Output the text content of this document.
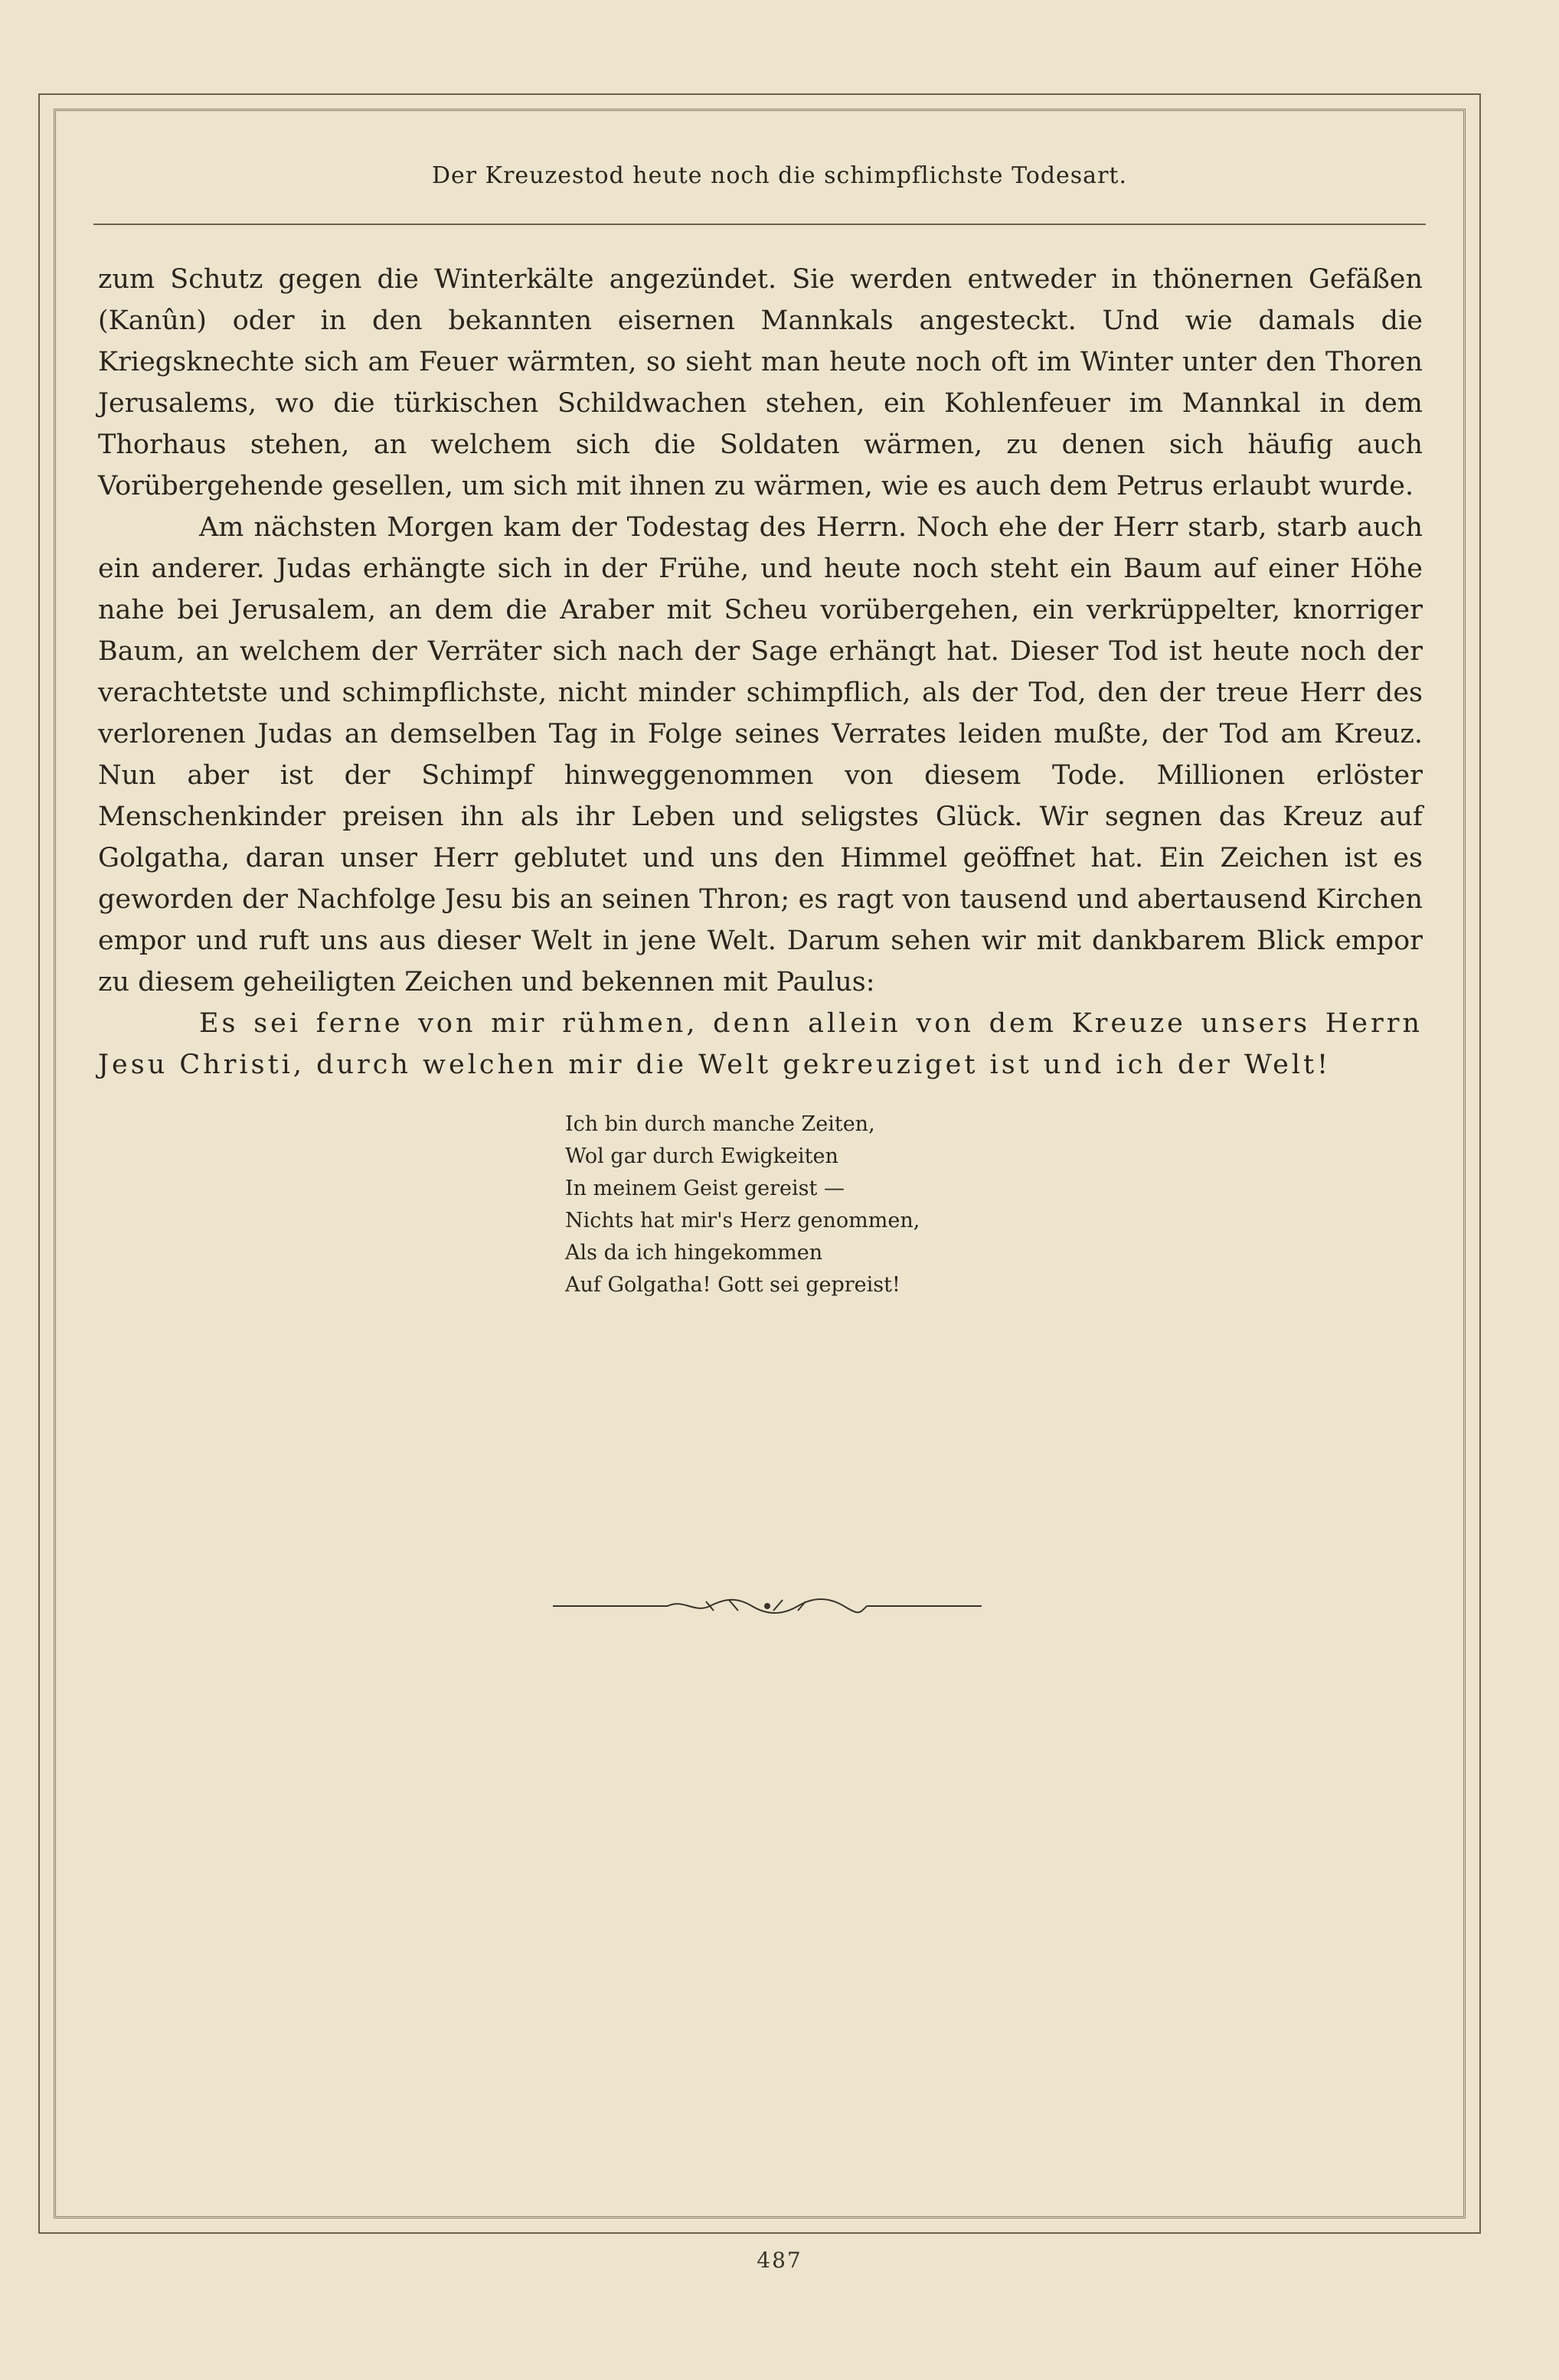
Der Kreuzestod heute noch die schimpflichste Todesart.

zum Schutz gegen die Winterkälte angezündet. Sie werden entweder in thönernen Gefäßen (Kanûn) oder in den bekannten eisernen Mannkals angesteckt. Und wie damals die Kriegsknechte sich am Feuer wärmten, so sieht man heute noch oft im Winter unter den Thoren Jerusalems, wo die türkischen Schildwachen stehen, ein Kohlenfeuer im Mannkal in dem Thorhaus stehen, an welchem sich die Soldaten wärmen, zu denen sich häufig auch Vorübergehende gesellen, um sich mit ihnen zu wärmen, wie es auch dem Petrus erlaubt wurde.

Am nächsten Morgen kam der Todestag des Herrn. Noch ehe der Herr starb, starb auch ein anderer. Judas erhängte sich in der Frühe, und heute noch steht ein Baum auf einer Höhe nahe bei Jerusalem, an dem die Araber mit Scheu vorübergehen, ein verkrüppelter, knorriger Baum, an welchem der Verräter sich nach der Sage erhängt hat. Dieser Tod ist heute noch der verachtetste und schimpflichste, nicht minder schimpflich, als der Tod, den der treue Herr des verlorenen Judas an demselben Tag in Folge seines Verrates leiden mußte, der Tod am Kreuz. Nun aber ist der Schimpf hinweggenommen von diesem Tode. Millionen erlöster Menschenkinder preisen ihn als ihr Leben und seligstes Glück. Wir segnen das Kreuz auf Golgatha, daran unser Herr geblutet und uns den Himmel geöffnet hat. Ein Zeichen ist es geworden der Nachfolge Jesu bis an seinen Thron; es ragt von tausend und abertausend Kirchen empor und ruft uns aus dieser Welt in jene Welt. Darum sehen wir mit dankbarem Blick empor zu diesem geheiligten Zeichen und bekennen mit Paulus:

Es sei ferne von mir rühmen, denn allein von dem Kreuze unsers Herrn Jesu Christi, durch welchen mir die Welt gekreuziget ist und ich der Welt!

Ich bin durch manche Zeiten,
Wol gar durch Ewigkeiten
In meinem Geist gereist —
Nichts hat mir's Herz genommen,
Als da ich hingekommen
Auf Golgatha! Gott sei gepreist!
487
